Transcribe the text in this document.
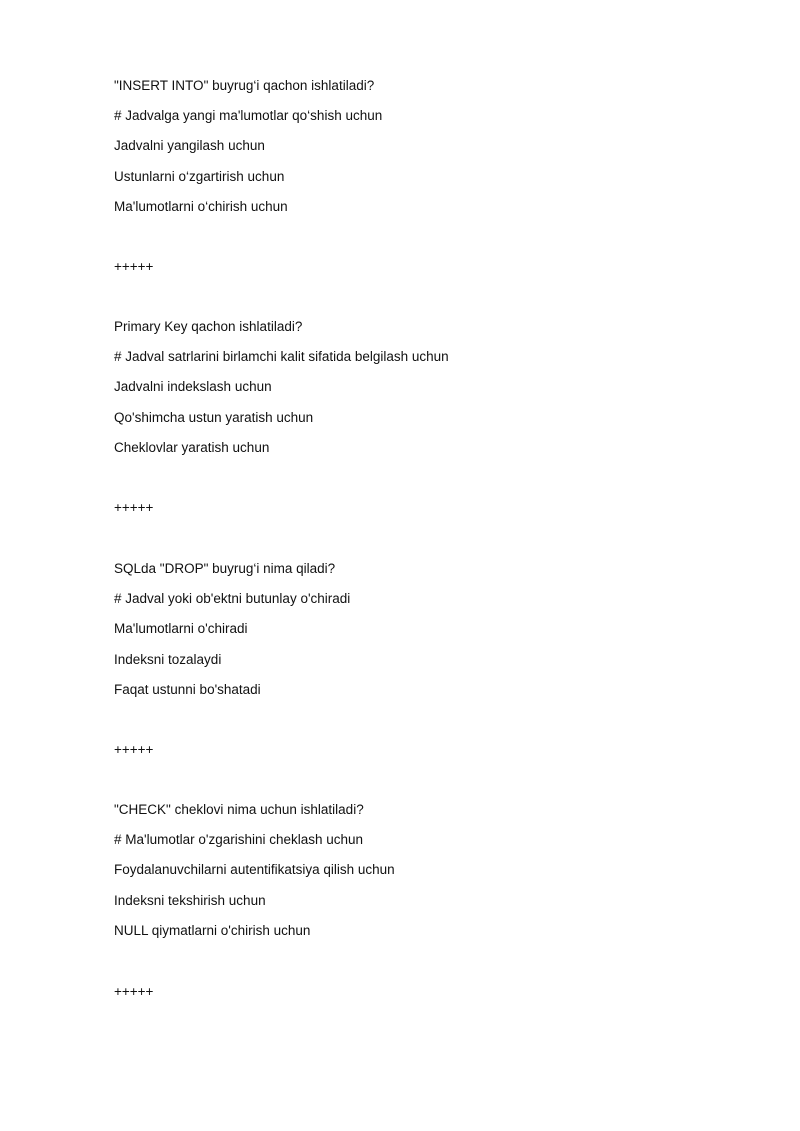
"INSERT INTO" buyrug‘i qachon ishlatiladi?
# Jadvalga yangi ma'lumotlar qo‘shish uchun
Jadvalni yangilash uchun
Ustunlarni o‘zgartirish uchun
Ma'lumotlarni o‘chirish uchun
+++++
Primary Key qachon ishlatiladi?
# Jadval satrlarini birlamchi kalit sifatida belgilash uchun
Jadvalni indekslash uchun
Qo'shimcha ustun yaratish uchun
Cheklovlar yaratish uchun
+++++
SQLda "DROP" buyrug‘i nima qiladi?
# Jadval yoki ob'ektni butunlay o'chiradi
Ma'lumotlarni o'chiradi
Indeksni tozalaydi
Faqat ustunni bo'shatadi
+++++
"CHECK" cheklovi nima uchun ishlatiladi?
# Ma'lumotlar o'zgarishini cheklash uchun
Foydalanuvchilarni autentifikatsiya qilish uchun
Indeksni tekshirish uchun
NULL qiymatlarni o'chirish uchun
+++++
